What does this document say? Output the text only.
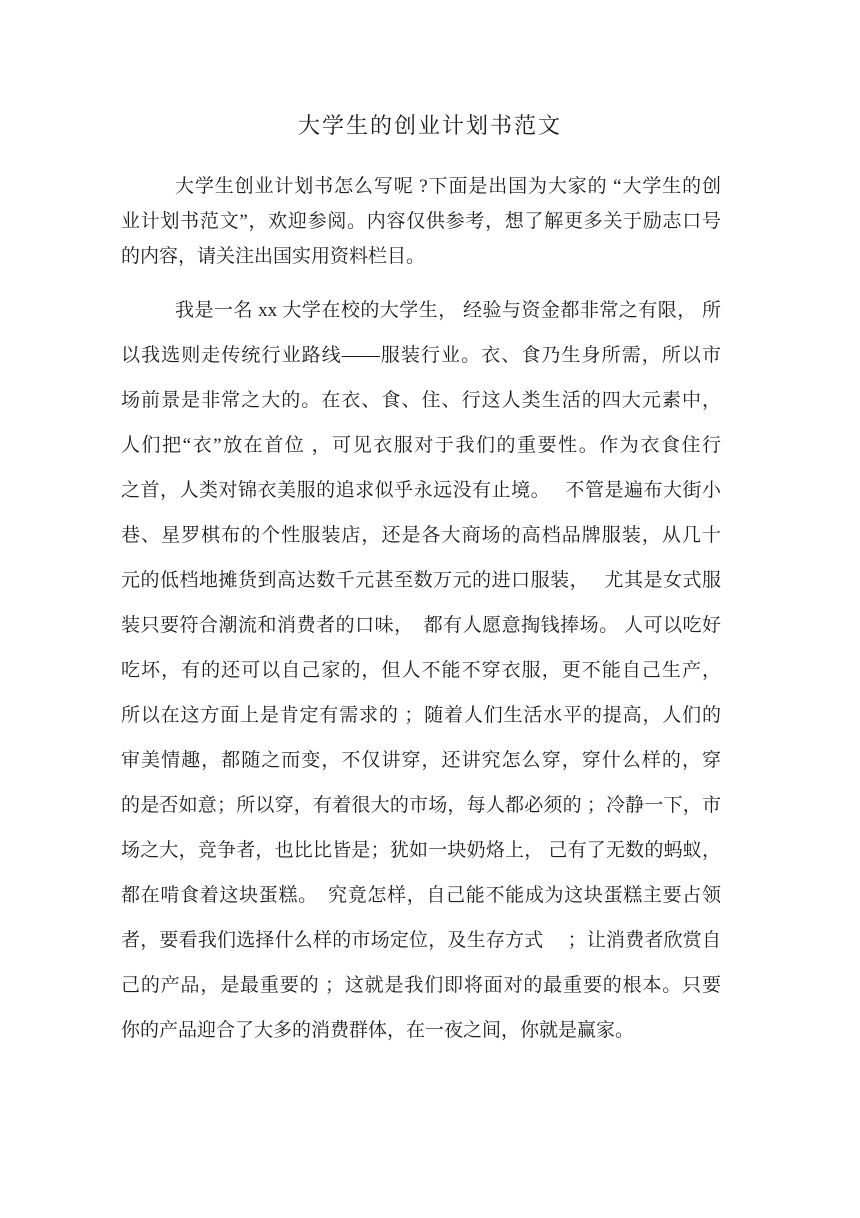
大学生的创业计划书范文
大学生创业计划书怎么写呢 ?下面是出国为大家的 “大学生的创
业计划书范文”，欢迎参阅。内容仅供参考，想了解更多关于励志口号
的内容，请关注出国实用资料栏目。
我是一名 xx 大学在校的大学生， 经验与资金都非常之有限， 所
以我选则走传统行业路线——服装行业。衣、食乃生身所需，所以市
场前景是非常之大的。在衣、食、住、行这人类生活的四大元素中，
人们把“衣”放在首位 ，可见衣服对于我们的重要性。作为衣食住行
之首，人类对锦衣美服的追求似乎永远没有止境。　 不管是遍布大街小
巷、星罗棋布的个性服装店，还是各大商场的高档品牌服装，从几十
元的低档地摊货到高达数千元甚至数万元的进口服装，　 尤其是女式服
装只要符合潮流和消费者的口味，　都有人愿意掏钱捧场。 人可以吃好
吃坏，有的还可以自己家的，但人不能不穿衣服，更不能自己生产，
所以在这方面上是肯定有需求的 ；随着人们生活水平的提高，人们的
审美情趣，都随之而变，不仅讲穿，还讲究怎么穿，穿什么样的，穿
的是否如意；所以穿，有着很大的市场，每人都必须的 ；冷静一下，市
场之大，竞争者，也比比皆是；犹如一块奶烙上， 己有了无数的蚂蚁，
都在啃食着这块蛋糕。　究竟怎样，自己能不能成为这块蛋糕主要占领
者，要看我们选择什么样的市场定位，及生存方式　 ；让消费者欣赏自
己的产品，是最重要的 ；这就是我们即将面对的最重要的根本。只要
你的产品迎合了大多的消费群体，在一夜之间，你就是赢家。
